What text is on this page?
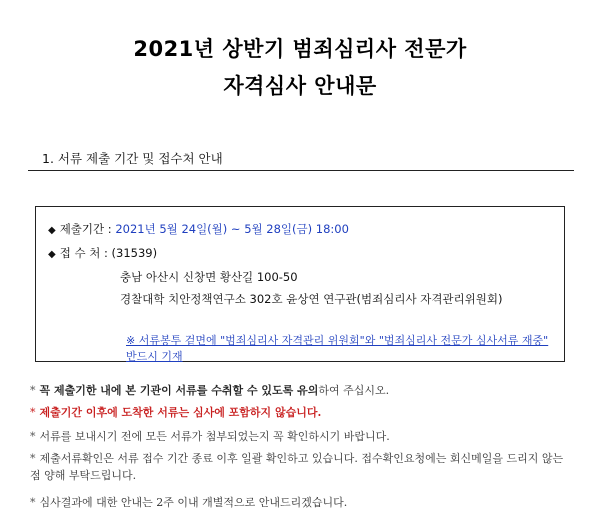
2021년 상반기 범죄심리사 전문가
자격심사 안내문
1. 서류 제출 기간 및 접수처 안내
◆ 제출기간 : 2021년 5월 24일(월) ~ 5월 28일(금) 18:00
◆ 접 수 처 : (31539)
충남 아산시 신창면 황산길 100-50
경찰대학 치안정책연구소 302호 윤상연 연구관(범죄심리사 자격관리위원회)
※ 서류봉투 겉면에 "범죄심리사 자격관리 위원회"와 "범죄심리사 전문가 심사서류 재중" 반드시 기재
* 꼭 제출기한 내에 본 기관이 서류를 수취할 수 있도록 유의하여 주십시오.
* 제출기간 이후에 도착한 서류는 심사에 포함하지 않습니다.
* 서류를 보내시기 전에 모든 서류가 첨부되었는지 꼭 확인하시기 바랍니다.
* 제출서류확인은 서류 접수 기간 종료 이후 일괄 확인하고 있습니다. 접수확인요청에는 회신메일을 드리지 않는 점 양해 부탁드립니다.
* 심사결과에 대한 안내는 2주 이내 개별적으로 안내드리겠습니다.
